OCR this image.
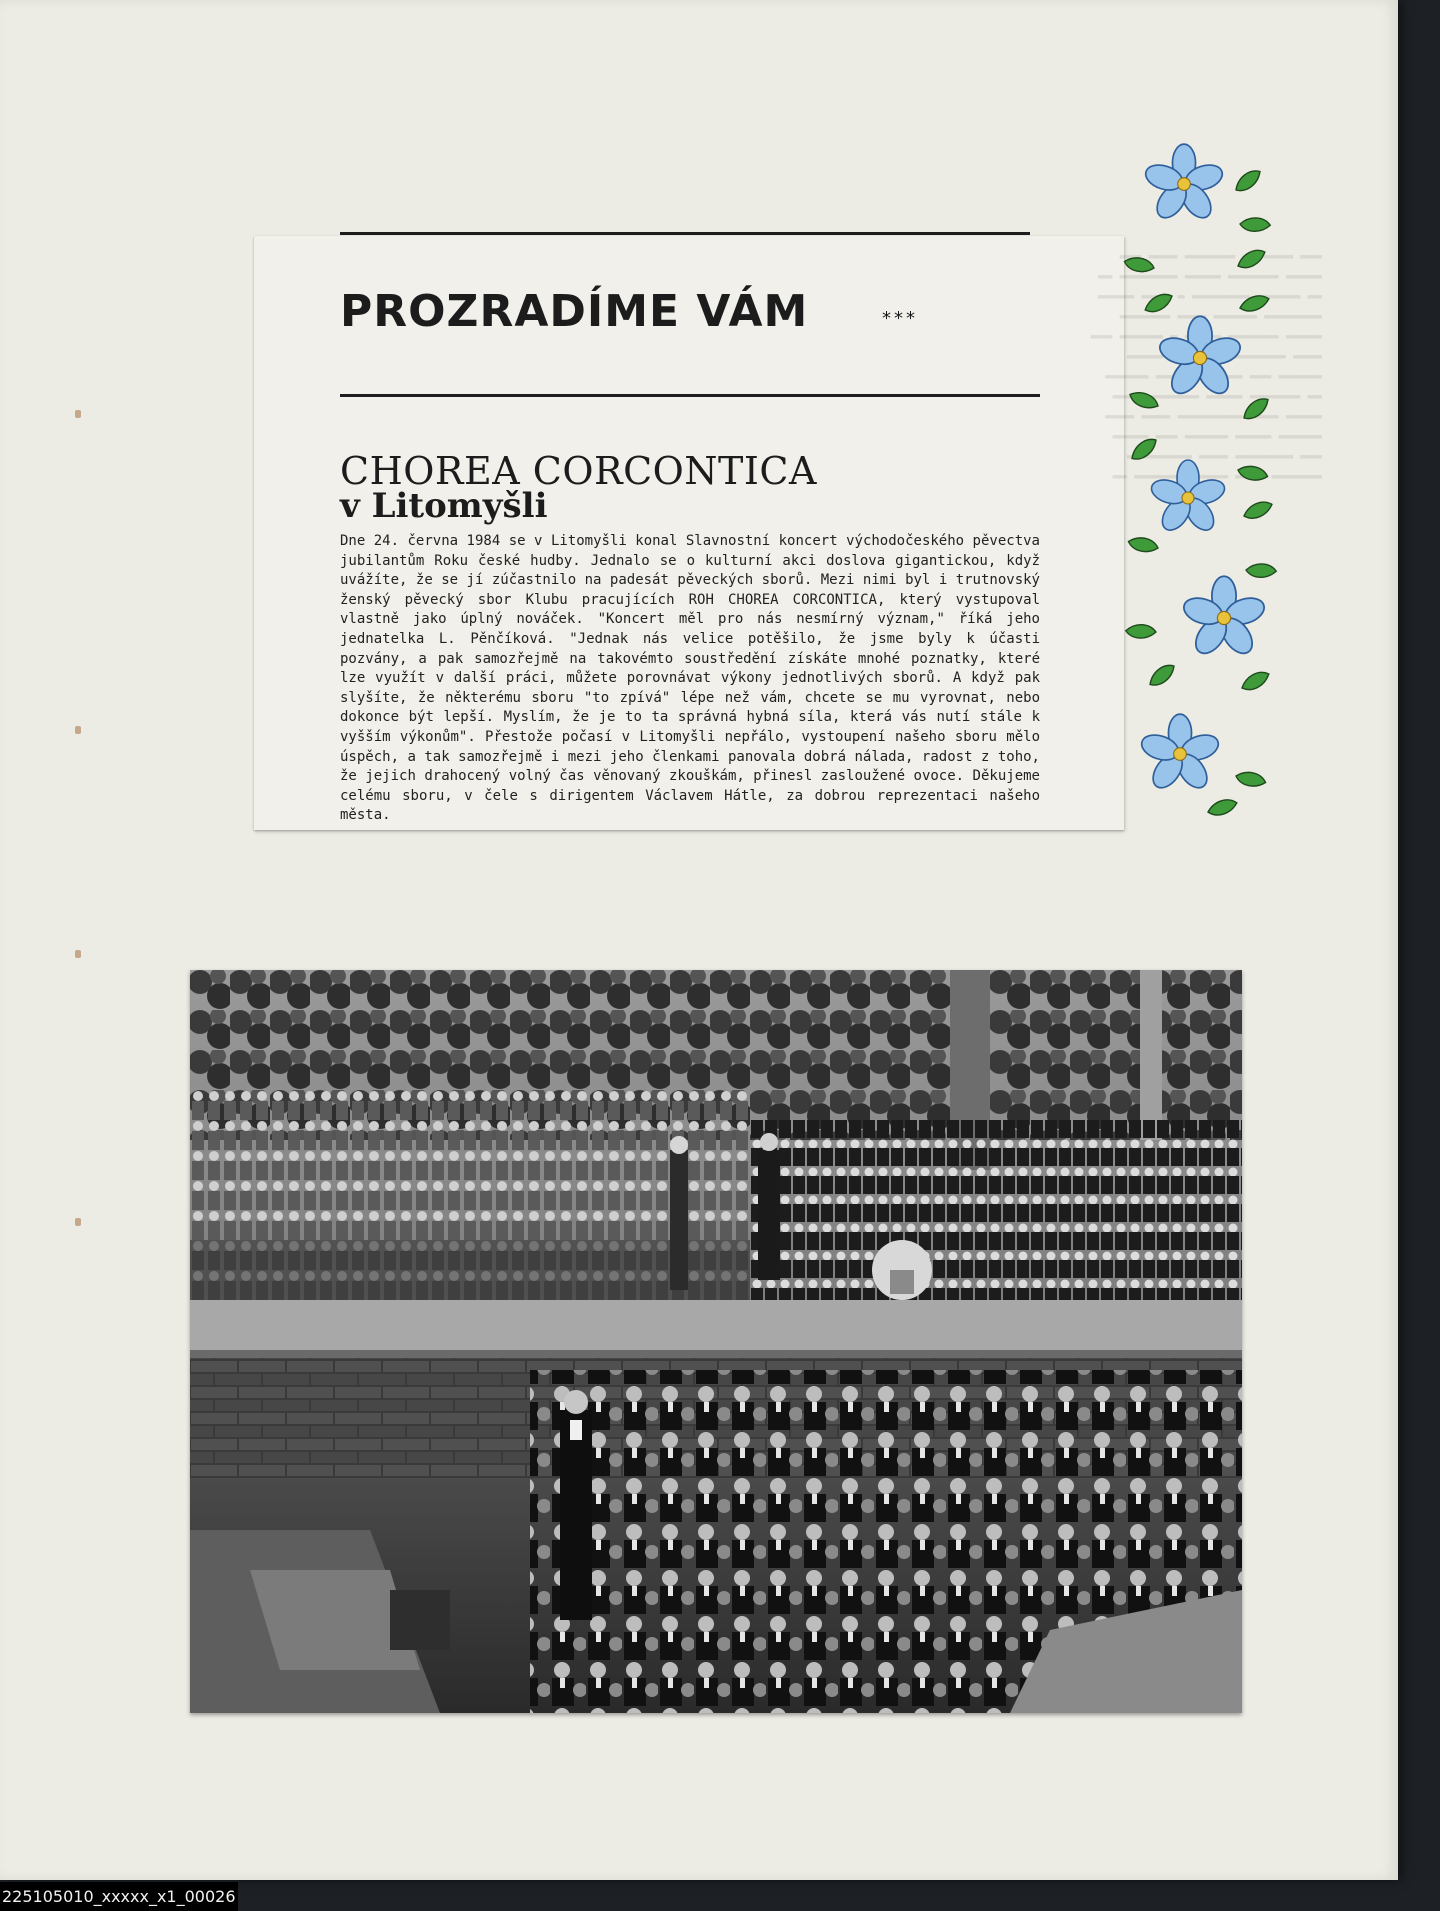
▬▬▬ ▬▬▬▬  ▬▬▬▬▬▬▬ ▬▬▬▬ ▬▬▬
▬▬▬▬▬ ▬▬▬▬▬▬▬ ▬▬▬▬▬ ▬▬▬▬▬▬▬▬ ▬▬
▬▬ ▬▬▬▬▬▬ ▬▬▬▬▬▬▬▬ ▬ ▬▬▬▬ ▬▬▬▬▬
▬▬▬▬▬▬▬▬ ▬▬▬▬▬▬ ▬▬▬▬ ▬▬▬▬▬▬▬
▬▬▬▬▬ ▬▬▬▬▬▬▬  ▬ ▬▬▬▬▬▬ ▬▬▬
▬▬▬▬ ▬▬▬▬▬▬▬▬▬  ▬▬▬▬▬
▬▬▬▬▬▬ ▬▬▬  ▬▬▬▬ ▬▬▬▬▬▬
▬▬ ▬▬▬▬▬▬▬ ▬▬▬▬▬ ▬▬▬▬▬▬▬▬ ▬▬▬
▬▬▬▬▬ ▬▬▬▬ ▬▬▬▬▬▬▬▬▬ ▬▬▬▬ ▬▬▬▬
▬▬▬▬▬▬ ▬▬▬▬▬ ▬▬▬▬▬▬ ▬▬▬ ▬▬▬▬▬
▬▬▬ ▬▬▬▬▬▬▬▬ ▬▬▬▬ ▬▬▬▬▬▬▬▬▬
▬▬▬▬▬▬▬  ▬▬▬▬▬ ▬▬▬▬▬▬▬ ▬▬
PROZRADÍME VÁM	***
CHOREA CORCONTICA
v Litomyšli

Dne 24. června 1984 se v Litomyšli konal Slavnostní koncert východočeského pěvectva jubilantům Roku české hudby. Jednalo se o kulturní akci doslova gigantickou, když uvážíte, že se jí zúčastnilo na padesát pěveckých sborů. Mezi nimi byl i trutnovský ženský pěvecký sbor Klubu pracujících ROH CHOREA CORCONTICA, který vystupoval vlastně jako úplný nováček. "Koncert měl pro nás nesmírný význam," říká jeho jednatelka L. Pěnčíková. "Jednak nás velice potěšilo, že jsme byly k účasti pozvány, a pak samozřejmě na takovémto soustředění získáte mnohé poznatky, které lze využít v další práci, můžete porovnávat výkony jednotlivých sborů. A když pak slyšíte, že některému sboru "to zpívá" lépe než vám, chcete se mu vyrovnat, nebo dokonce být lepší. Myslím, že je to ta správná hybná síla, která vás nutí stále k vyšším výkonům". Přestože počasí v Litomyšli nepřálo, vystoupení našeho sboru mělo úspěch, a tak samozřejmě i mezi jeho členkami panovala dobrá nálada, radost z toho, že jejich drahocený volný čas věnovaný zkouškám, přinesl zasloužené ovoce. Děkujeme celému sboru, v čele s dirigentem Václavem Hátle, za dobrou reprezentaci našeho města.

225105010_xxxxx_x1_00026
